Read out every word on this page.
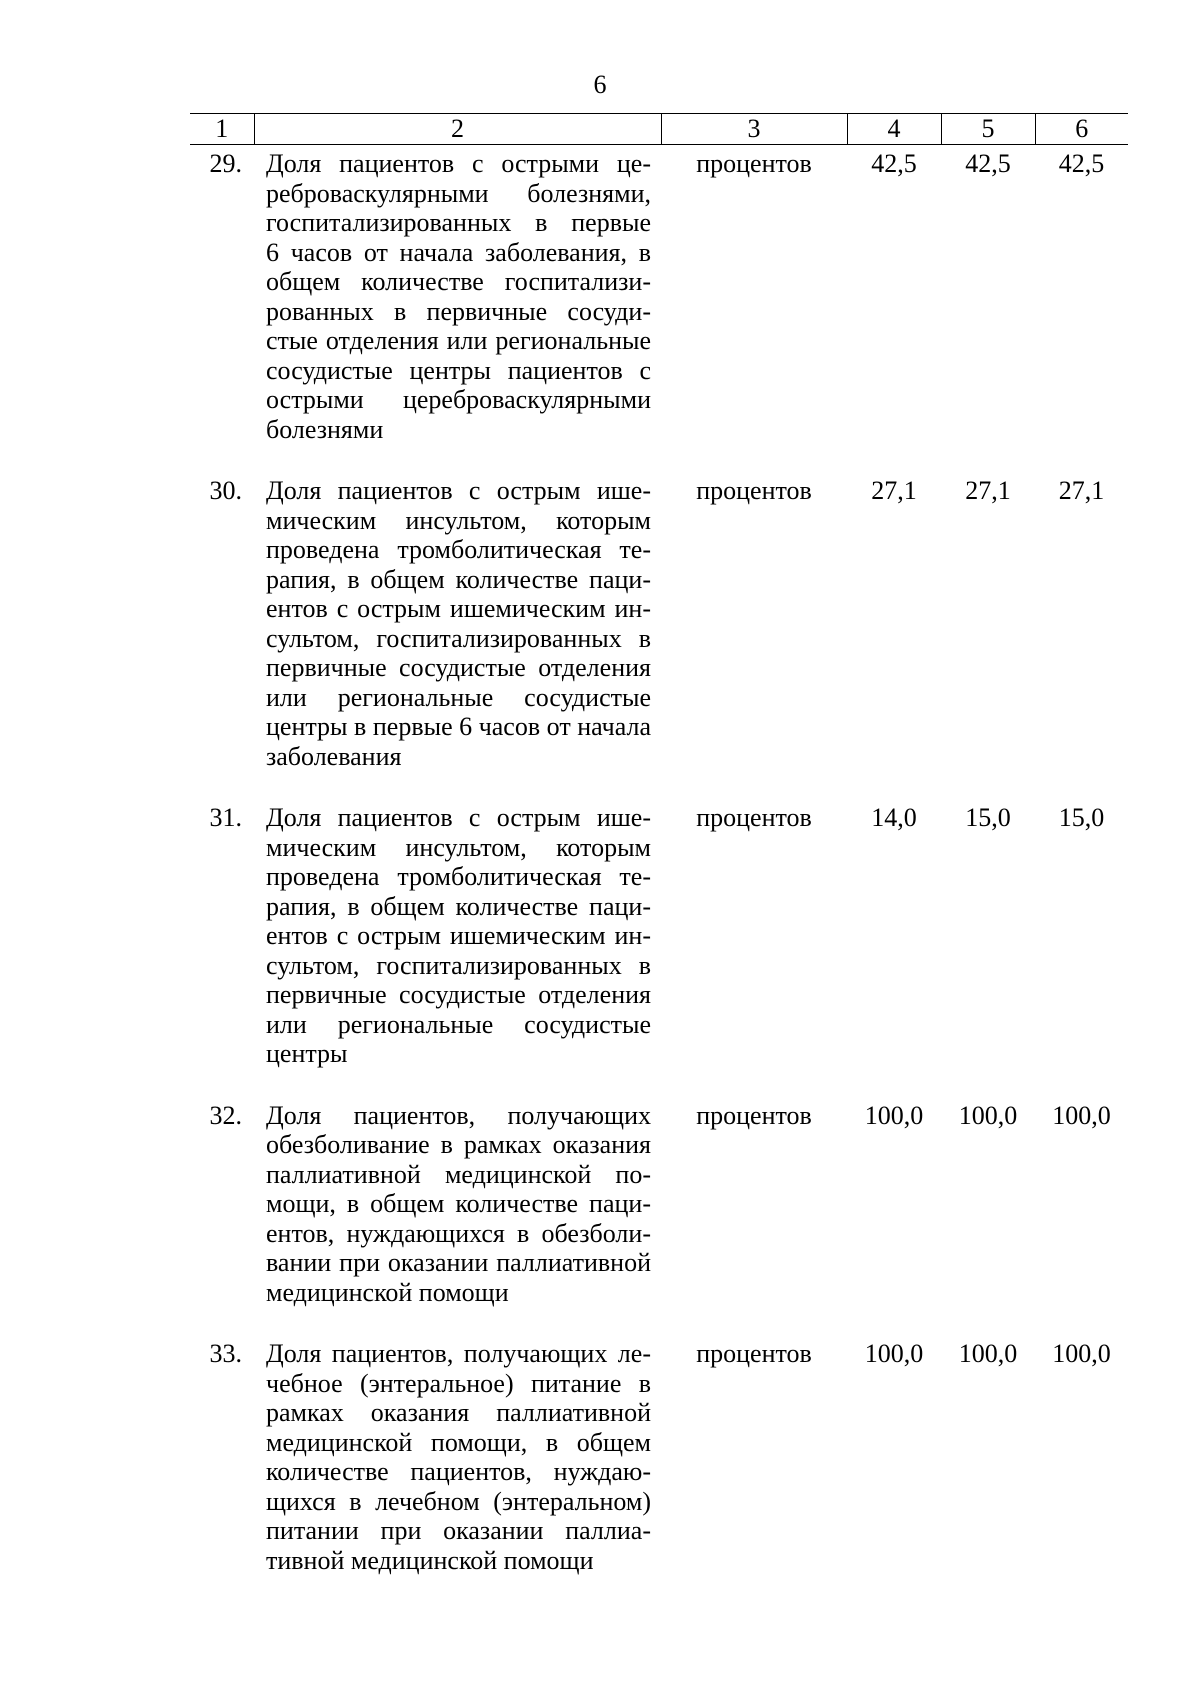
6
1	2	3	4	5	6
29.	Доля пациентов с острыми цереброваскулярными болезнями, госпитализированных в первые 6 часов от начала заболевания, в общем количестве госпитализированных в первичные сосудистые отделения или региональные сосудистые центры пациентов с острыми цереброваскулярными болезнями	процентов	42,5	42,5	42,5
30.	Доля пациентов с острым ишемическим инсультом, которым проведена тромболитическая терапия, в общем количестве пациентов с острым ишемическим инсультом, госпитализированных в первичные сосудистые отделения или региональные сосудистые центры в первые 6 часов от начала заболевания	процентов	27,1	27,1	27,1
31.	Доля пациентов с острым ишемическим инсультом, которым проведена тромболитическая терапия, в общем количестве пациентов с острым ишемическим инсультом, госпитализированных в первичные сосудистые отделения или региональные сосудистые центры	процентов	14,0	15,0	15,0
32.	Доля пациентов, получающих обезболивание в рамках оказания паллиативной медицинской помощи, в общем количестве пациентов, нуждающихся в обезболивании при оказании паллиативной медицинской помощи	процентов	100,0	100,0	100,0
33.	Доля пациентов, получающих лечебное (энтеральное) питание в рамках оказания паллиативной медицинской помощи, в общем количестве пациентов, нуждающихся в лечебном (энтеральном) питании при оказании паллиативной медицинской помощи	процентов	100,0	100,0	100,0
